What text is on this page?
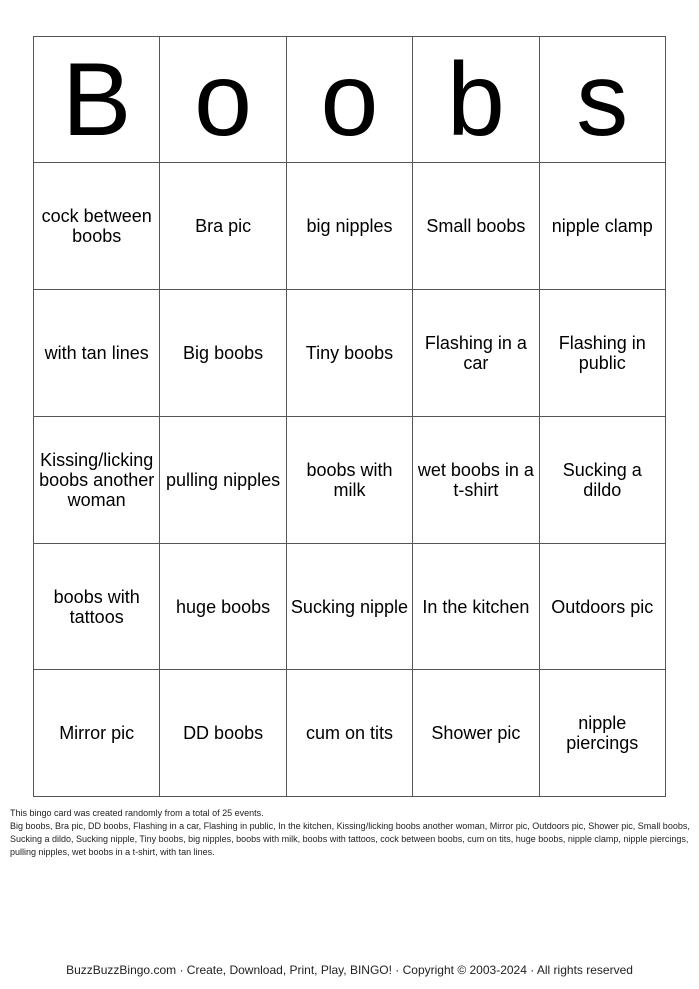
B	o	o	b	s
cock between boobs	Bra pic	big nipples	Small boobs	nipple clamp
with tan lines	Big boobs	Tiny boobs	Flashing in a car	Flashing in public
Kissing/licking boobs another woman	pulling nipples	boobs with milk	wet boobs in a t-shirt	Sucking a dildo
boobs with tattoos	huge boobs	Sucking nipple	In the kitchen	Outdoors pic
Mirror pic	DD boobs	cum on tits	Shower pic	nipple piercings

This bingo card was created randomly from a total of 25 events.

Big boobs, Bra pic, DD boobs, Flashing in a car, Flashing in public, In the kitchen, Kissing/licking boobs another woman, Mirror pic, Outdoors pic, Shower pic, Small boobs, Sucking a dildo, Sucking nipple, Tiny boobs, big nipples, boobs with milk, boobs with tattoos, cock between boobs, cum on tits, huge boobs, nipple clamp, nipple piercings, pulling nipples, wet boobs in a t-shirt, with tan lines.

BuzzBuzzBingo.com · Create, Download, Print, Play, BINGO! · Copyright © 2003-2024 · All rights reserved
